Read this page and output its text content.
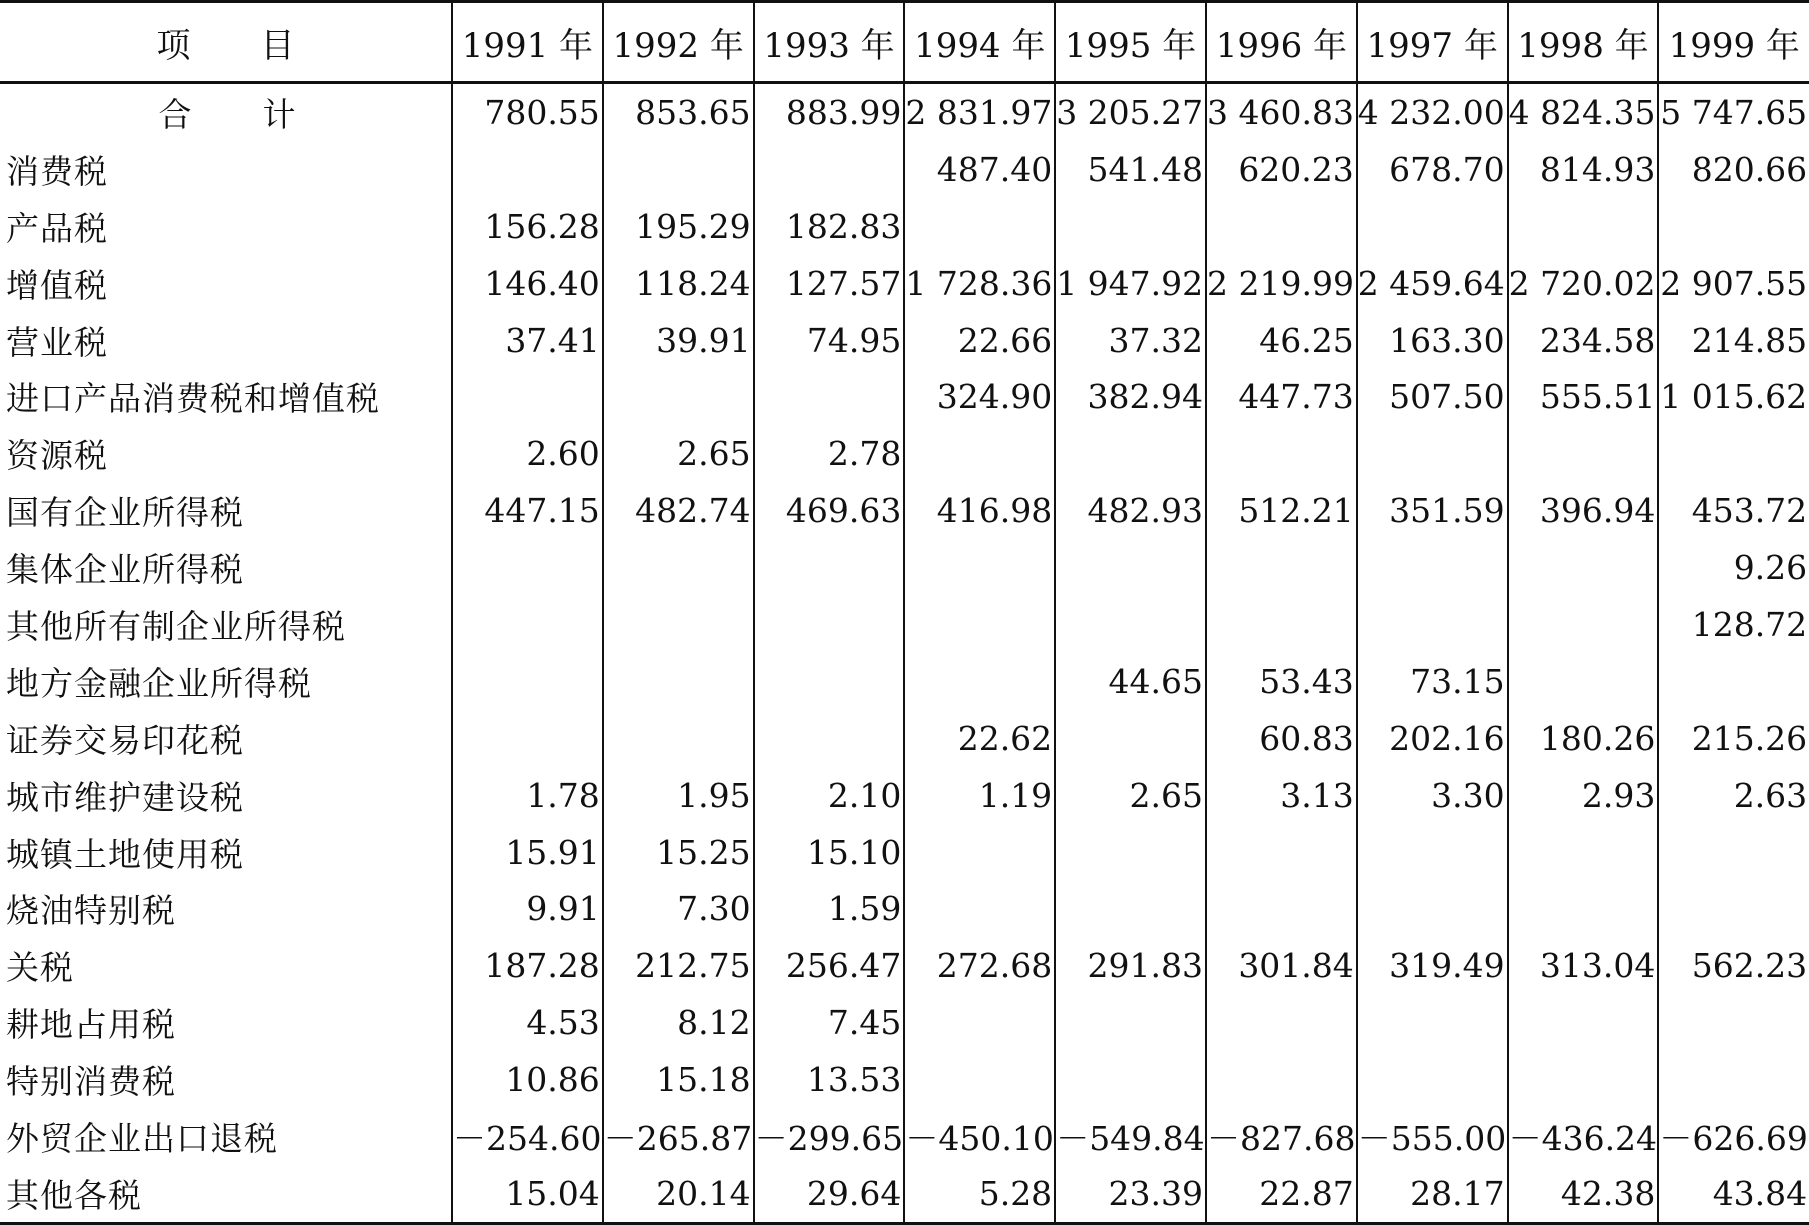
项 目	1991 年	1992 年	1993 年	1994 年	1995 年	1996 年	1997 年	1998 年	1999 年
合 计	780.55	853.65	883.99	2 831.97	3 205.27	3 460.83	4 232.00	4 824.35	5 747.65
消费税				487.40	541.48	620.23	678.70	814.93	820.66
产品税	156.28	195.29	182.83						
增值税	146.40	118.24	127.57	1 728.36	1 947.92	2 219.99	2 459.64	2 720.02	2 907.55
营业税	37.41	39.91	74.95	22.66	37.32	46.25	163.30	234.58	214.85
进口产品消费税和增值税				324.90	382.94	447.73	507.50	555.51	1 015.62
资源税	2.60	2.65	2.78						
国有企业所得税	447.15	482.74	469.63	416.98	482.93	512.21	351.59	396.94	453.72
集体企业所得税									9.26
其他所有制企业所得税									128.72
地方金融企业所得税					44.65	53.43	73.15		
证券交易印花税				22.62		60.83	202.16	180.26	215.26
城市维护建设税	1.78	1.95	2.10	1.19	2.65	3.13	3.30	2.93	2.63
城镇土地使用税	15.91	15.25	15.10						
烧油特别税	9.91	7.30	1.59						
关税	187.28	212.75	256.47	272.68	291.83	301.84	319.49	313.04	562.23
耕地占用税	4.53	8.12	7.45						
特别消费税	10.86	15.18	13.53						
外贸企业出口退税	－254.60	－265.87	－299.65	－450.10	－549.84	－827.68	－555.00	－436.24	－626.69
其他各税	15.04	20.14	29.64	5.28	23.39	22.87	28.17	42.38	43.84
